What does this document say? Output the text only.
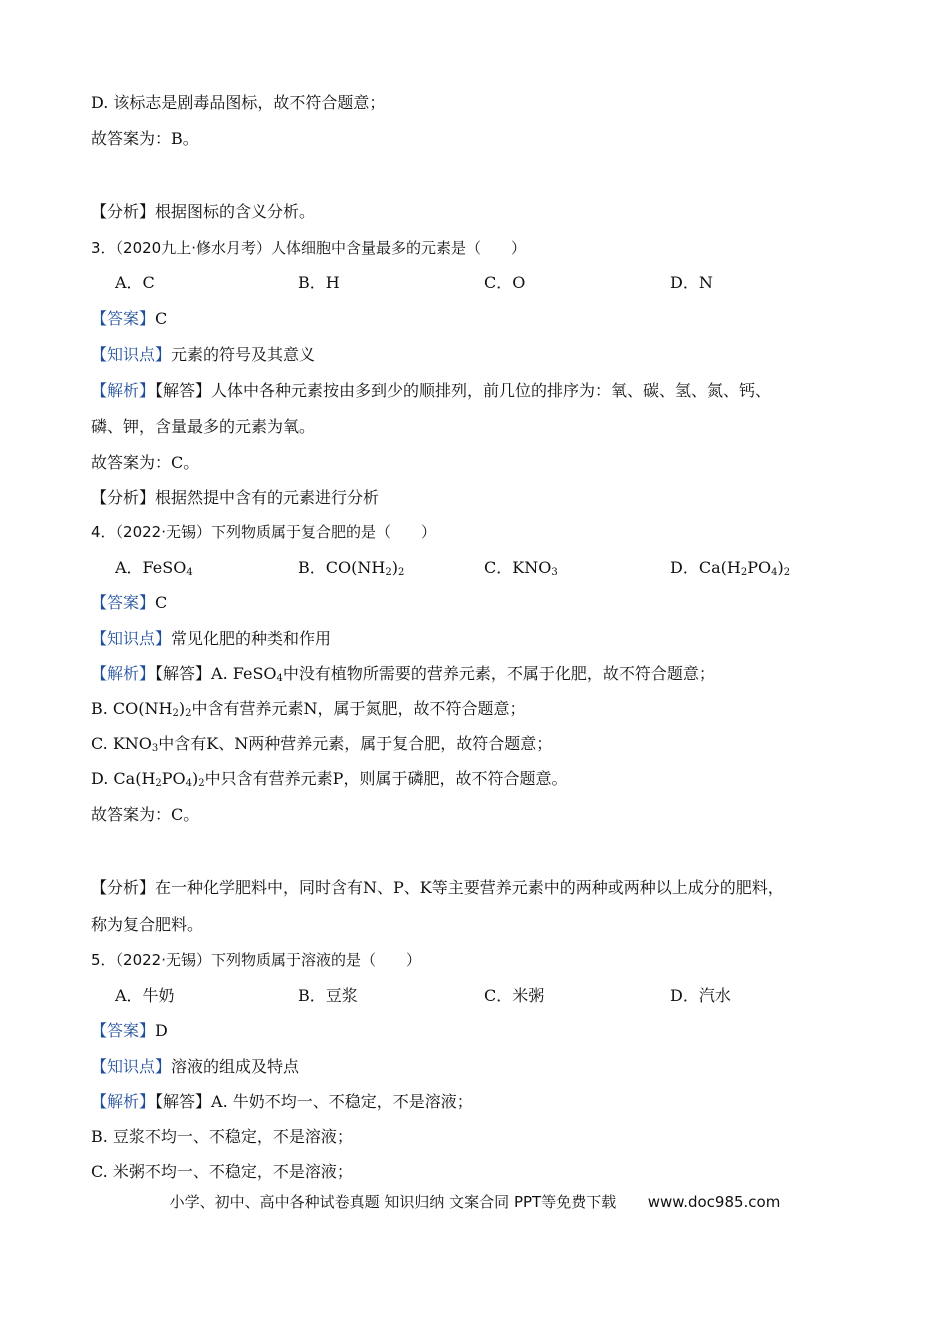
D. 该标志是剧毒品图标，故不符合题意；
故答案为：B。
【分析】根据图标的含义分析。
3．（2020九上·修水月考）人体细胞中含量最多的元素是（　　）
A．C	B．H	C．O	D．N
【答案】C
【知识点】元素的符号及其意义
【解析】【解答】人体中各种元素按由多到少的顺排列，前几位的排序为：氧、碳、氢、氮、钙、
磷、钾，含量最多的元素为氧。
故答案为：C。
【分析】根据然提中含有的元素进行分析
4．（2022·无锡）下列物质属于复合肥的是（　　）
A．FeSO$_4$	B．$CO(NH_2)_2$	C．$KNO_3$	D．$Ca(H_2PO_4)_2$
【答案】C
【知识点】常见化肥的种类和作用
【解析】【解答】A. FeSO$_4$中没有植物所需要的营养元素，不属于化肥，故不符合题意；
B. $CO(NH_2)_2$中含有营养元素N，属于氮肥，故不符合题意；
C. $KNO_3$中含有K、N两种营养元素，属于复合肥，故符合题意；
D. $Ca(H_2PO_4)_2$中只含有营养元素P，则属于磷肥，故不符合题意。
故答案为：C。
【分析】在一种化学肥料中，同时含有N、P、K等主要营养元素中的两种或两种以上成分的肥料，
称为复合肥料。
5．（2022·无锡）下列物质属于溶液的是（　　）
A．牛奶	B．豆浆	C．米粥	D．汽水
【答案】D
【知识点】溶液的组成及特点
【解析】【解答】A. 牛奶不均一、不稳定，不是溶液；
B. 豆浆不均一、不稳定，不是溶液；
C. 米粥不均一、不稳定，不是溶液；
小学、初中、高中各种试卷真题 知识归纳 文案合同 PPT等免费下载 www.doc985.com
